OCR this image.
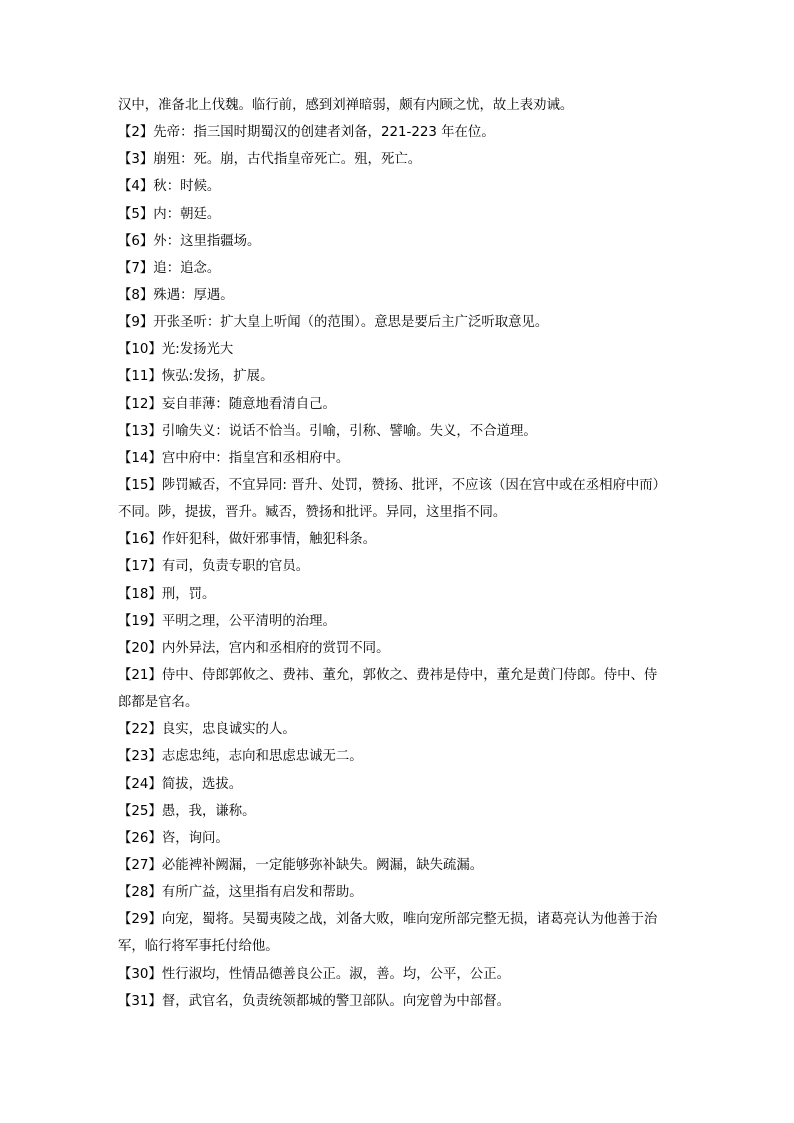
汉中，准备北上伐魏。临行前，感到刘禅暗弱，颇有内顾之忧，故上表劝诫。
【2】先帝：指三国时期蜀汉的创建者刘备，221-223 年在位。
【3】崩殂：死。崩，古代指皇帝死亡。殂，死亡。
【4】秋：时候。
【5】内：朝廷。
【6】外：这里指疆场。
【7】追：追念。
【8】殊遇：厚遇。
【9】开张圣听：扩大皇上听闻（的范围）。意思是要后主广泛听取意见。
【10】光:发扬光大
【11】恢弘:发扬，扩展。
【12】妄自菲薄：随意地看清自己。
【13】引喻失义：说话不恰当。引喻，引称、譬喻。失义，不合道理。
【14】宫中府中：指皇宫和丞相府中。
【15】陟罚臧否，不宜异同: 晋升、处罚，赞扬、批评，不应该（因在宫中或在丞相府中而）
不同。陟，提拔，晋升。臧否，赞扬和批评。异同，这里指不同。
【16】作奸犯科，做奸邪事情，触犯科条。
【17】有司，负责专职的官员。
【18】刑，罚。
【19】平明之理，公平清明的治理。
【20】内外异法，宫内和丞相府的赏罚不同。
【21】侍中、侍郎郭攸之、费祎、董允，郭攸之、费祎是侍中，董允是黄门侍郎。侍中、侍
郎都是官名。
【22】良实，忠良诚实的人。
【23】志虑忠纯，志向和思虑忠诚无二。
【24】简拔，选拔。
【25】愚，我，谦称。
【26】咨，询问。
【27】必能裨补阙漏，一定能够弥补缺失。阙漏，缺失疏漏。
【28】有所广益，这里指有启发和帮助。
【29】向宠，蜀将。吴蜀夷陵之战，刘备大败，唯向宠所部完整无损，诸葛亮认为他善于治
军，临行将军事托付给他。
【30】性行淑均，性情品德善良公正。淑，善。均，公平，公正。
【31】督，武官名，负责统领都城的警卫部队。向宠曾为中部督。
